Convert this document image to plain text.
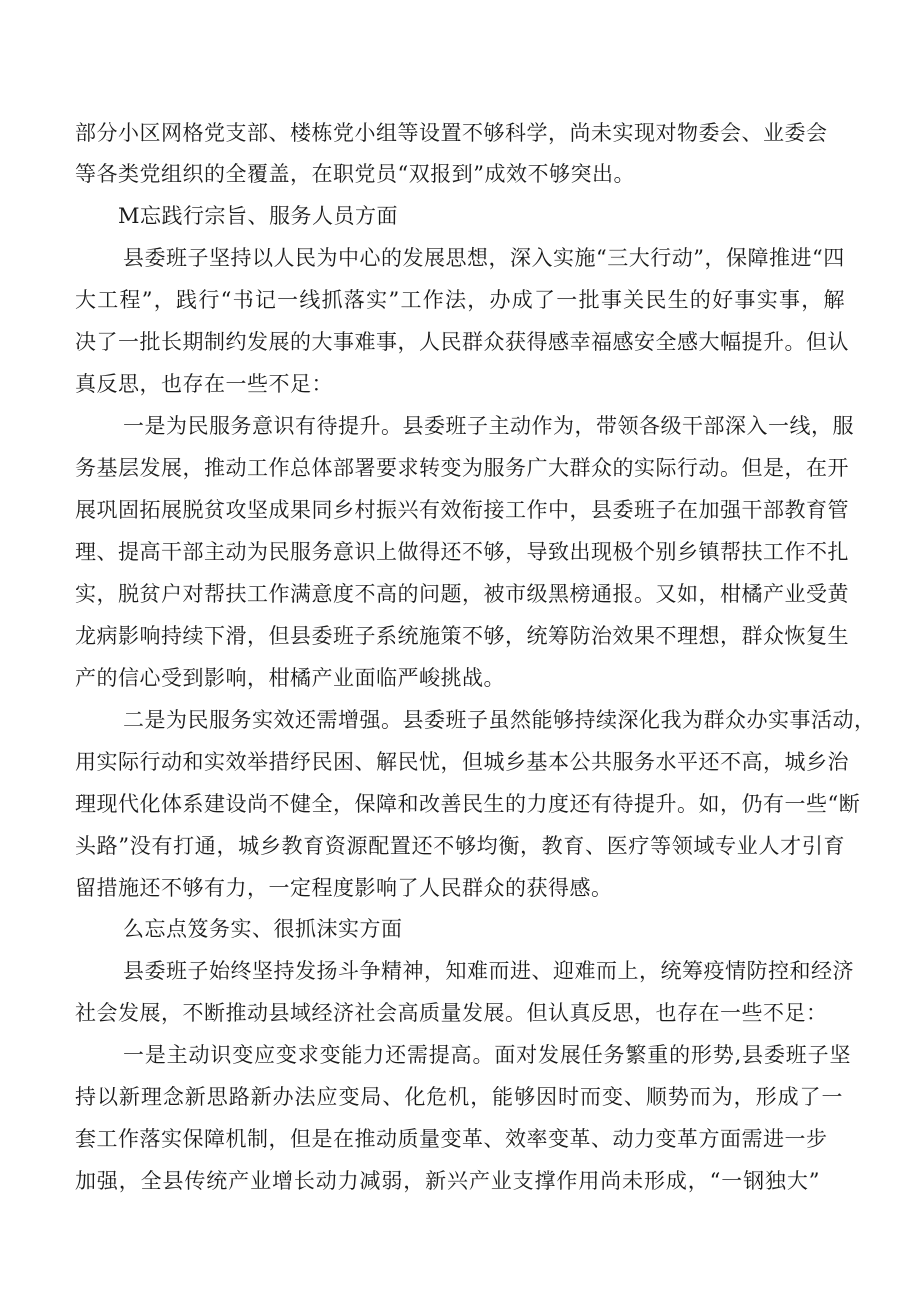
部分小区网格党支部、楼栋党小组等设置不够科学，尚未实现对物委会、业委会

等各类党组织的全覆盖，在职党员“双报到”成效不够突出。

M忘践行宗旨、服务人员方面

县委班子坚持以人民为中心的发展思想，深入实施“三大行动”，保障推进“四

大工程”，践行“书记一线抓落实”工作法，办成了一批事关民生的好事实事，解

决了一批长期制约发展的大事难事，人民群众获得感幸福感安全感大幅提升。但认

真反思，也存在一些不足：

一是为民服务意识有待提升。县委班子主动作为，带领各级干部深入一线，服

务基层发展，推动工作总体部署要求转变为服务广大群众的实际行动。但是，在开

展巩固拓展脱贫攻坚成果同乡村振兴有效衔接工作中，县委班子在加强干部教育管

理、提高干部主动为民服务意识上做得还不够，导致出现极个别乡镇帮扶工作不扎

实，脱贫户对帮扶工作满意度不高的问题，被市级黑榜通报。又如，柑橘产业受黄

龙病影响持续下滑，但县委班子系统施策不够，统筹防治效果不理想，群众恢复生

产的信心受到影响，柑橘产业面临严峻挑战。

二是为民服务实效还需增强。县委班子虽然能够持续深化我为群众办实事活动，

用实际行动和实效举措纾民困、解民忧，但城乡基本公共服务水平还不高，城乡治

理现代化体系建设尚不健全，保障和改善民生的力度还有待提升。如，仍有一些“断

头路”没有打通，城乡教育资源配置还不够均衡，教育、医疗等领域专业人才引育

留措施还不够有力，一定程度影响了人民群众的获得感。

么忘点笈务实、很抓沫实方面

县委班子始终坚持发扬斗争精神，知难而进、迎难而上，统筹疫情防控和经济

社会发展，不断推动县域经济社会高质量发展。但认真反思，也存在一些不足：

一是主动识变应变求变能力还需提高。面对发展任务繁重的形势,县委班子坚

持以新理念新思路新办法应变局、化危机，能够因时而变、顺势而为，形成了一

套工作落实保障机制，但是在推动质量变革、效率变革、动力变革方面需进一步

加强，全县传统产业增长动力减弱，新兴产业支撑作用尚未形成，“一钢独大”
